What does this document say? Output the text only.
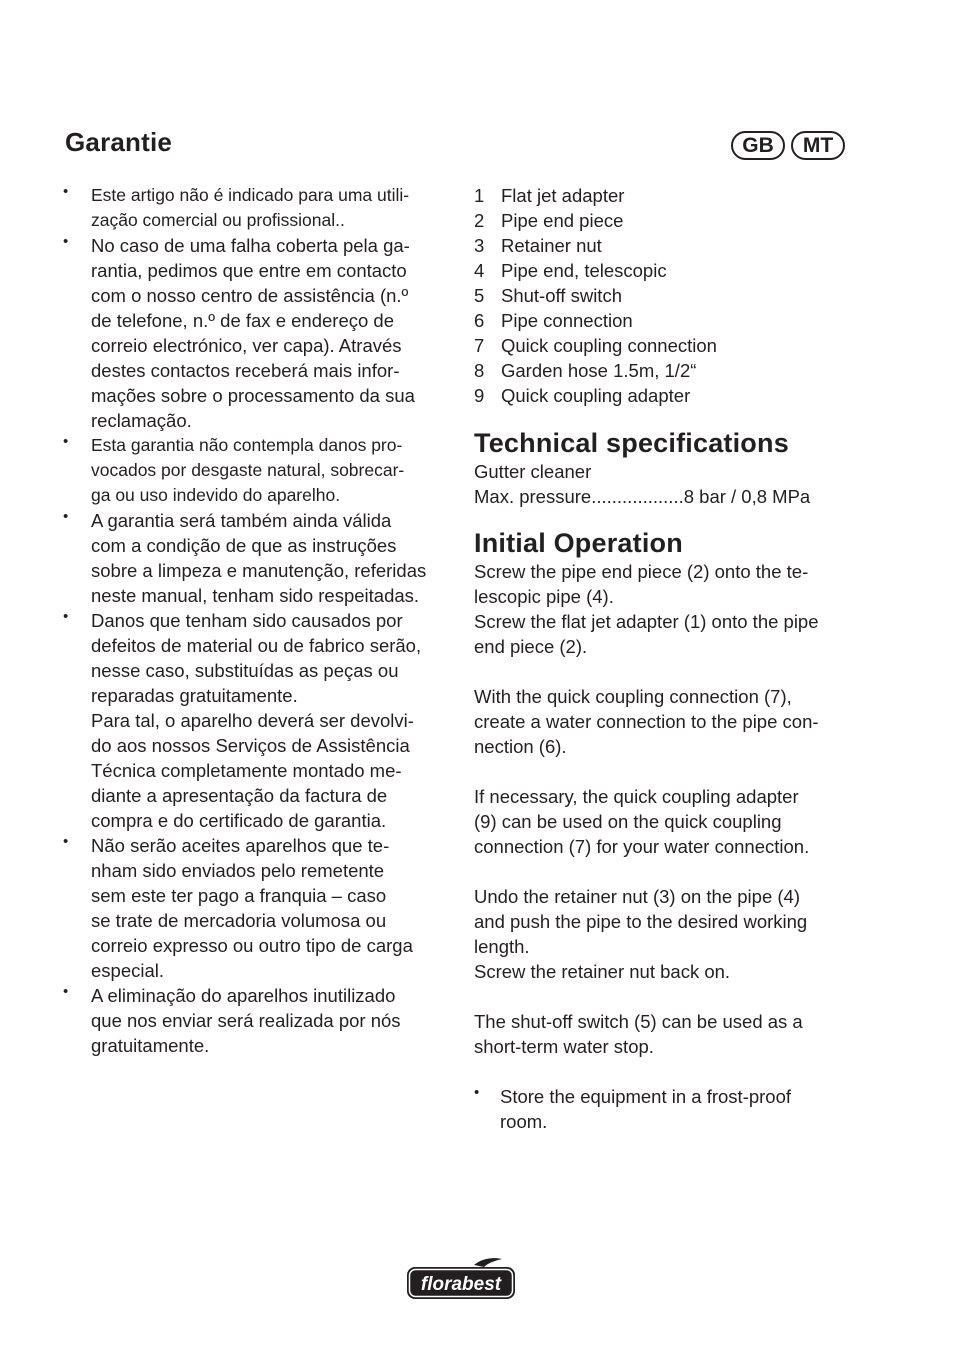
Garantie	GB	MT
• Este artigo não é indicado para uma utili-
zação comercial ou profissional..
• No caso de uma falha coberta pela ga-
rantia, pedimos que entre em contacto
com o nosso centro de assistência (n.º
de telefone, n.º de fax e endereço de
correio electrónico, ver capa). Através
destes contactos receberá mais infor-
mações sobre o processamento da sua
reclamação.
• Esta garantia não contempla danos pro-
vocados por desgaste natural, sobrecar-
ga ou uso indevido do aparelho.
• A garantia será também ainda válida
com a condição de que as instruções
sobre a limpeza e manutenção, referidas
neste manual, tenham sido respeitadas.
• Danos que tenham sido causados por
defeitos de material ou de fabrico serão,
nesse caso, substituídas as peças ou
reparadas gratuitamente.
Para tal, o aparelho deverá ser devolvi-
do aos nossos Serviços de Assistência
Técnica completamente montado me-
diante a apresentação da factura de
compra e do certificado de garantia.
• Não serão aceites aparelhos que te-
nham sido enviados pelo remetente
sem este ter pago a franquia – caso
se trate de mercadoria volumosa ou
correio expresso ou outro tipo de carga
especial.
• A eliminação do aparelhos inutilizado
que nos enviar será realizada por nós
gratuitamente.
1 Flat jet adapter
2 Pipe end piece
3 Retainer nut
4 Pipe end, telescopic
5 Shut-off switch
6 Pipe connection
7 Quick coupling connection
8 Garden hose 1.5m, 1/2“
9 Quick coupling adapter
Technical specifications
Gutter cleaner
Max. pressure..................8 bar / 0,8 MPa
Initial Operation
Screw the pipe end piece (2) onto the te-
lescopic pipe (4).
Screw the flat jet adapter (1) onto the pipe
end piece (2).
With the quick coupling connection (7),
create a water connection to the pipe con-
nection (6).
If necessary, the quick coupling adapter
(9) can be used on the quick coupling
connection (7) for your water connection.
Undo the retainer nut (3) on the pipe (4)
and push the pipe to the desired working
length.
Screw the retainer nut back on.
The shut-off switch (5) can be used as a
short-term water stop.
• Store the equipment in a frost-proof
room.
florabest
